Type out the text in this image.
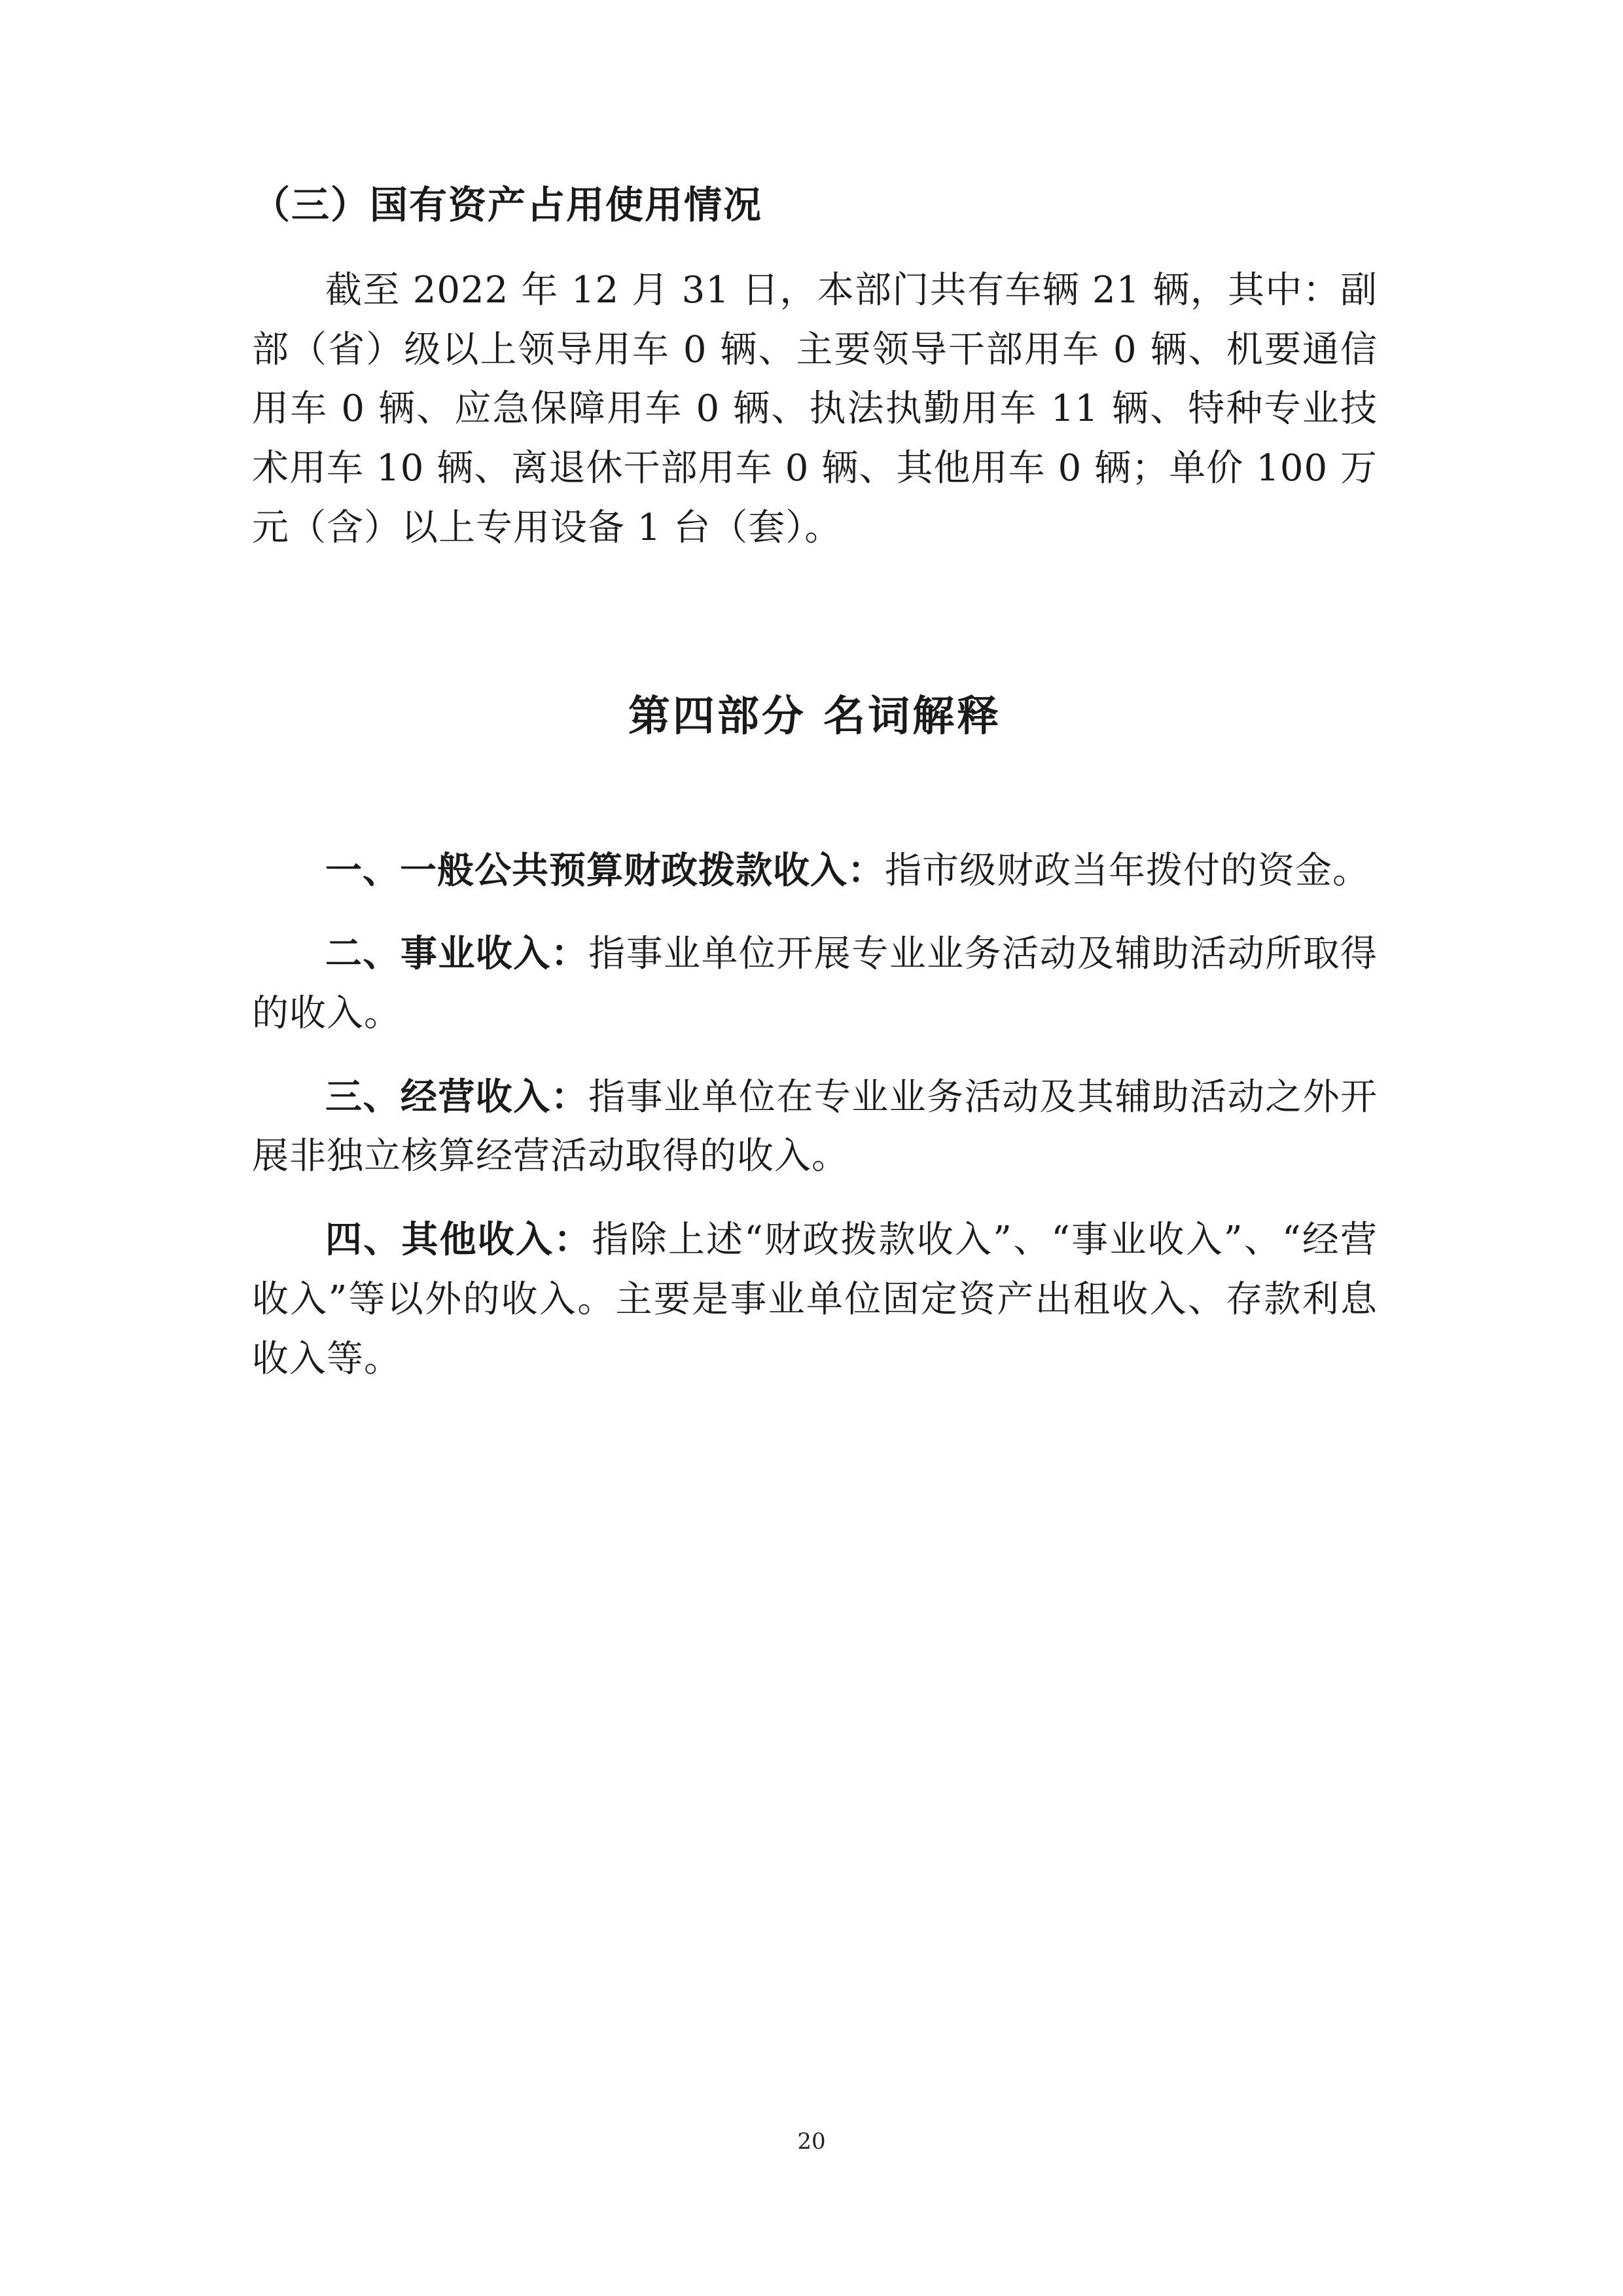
（三）国有资产占用使用情况

截至 2022 年 12 月 31 日，本部门共有车辆 21 辆，其中：副部（省）级以上领导用车 0 辆、主要领导干部用车 0 辆、机要通信用车 0 辆、应急保障用车 0 辆、执法执勤用车 11 辆、特种专业技术用车 10 辆、离退休干部用车 0 辆、其他用车 0 辆；单价 100 万元（含）以上专用设备 1 台（套）。

第四部分 名词解释

一、一般公共预算财政拨款收入：指市级财政当年拨付的资金。

二、事业收入：指事业单位开展专业业务活动及辅助活动所取得的收入。

三、经营收入：指事业单位在专业业务活动及其辅助活动之外开展非独立核算经营活动取得的收入。

四、其他收入：指除上述“财政拨款收入”、“事业收入”、“经营收入”等以外的收入。主要是事业单位固定资产出租收入、存款利息收入等。

20
